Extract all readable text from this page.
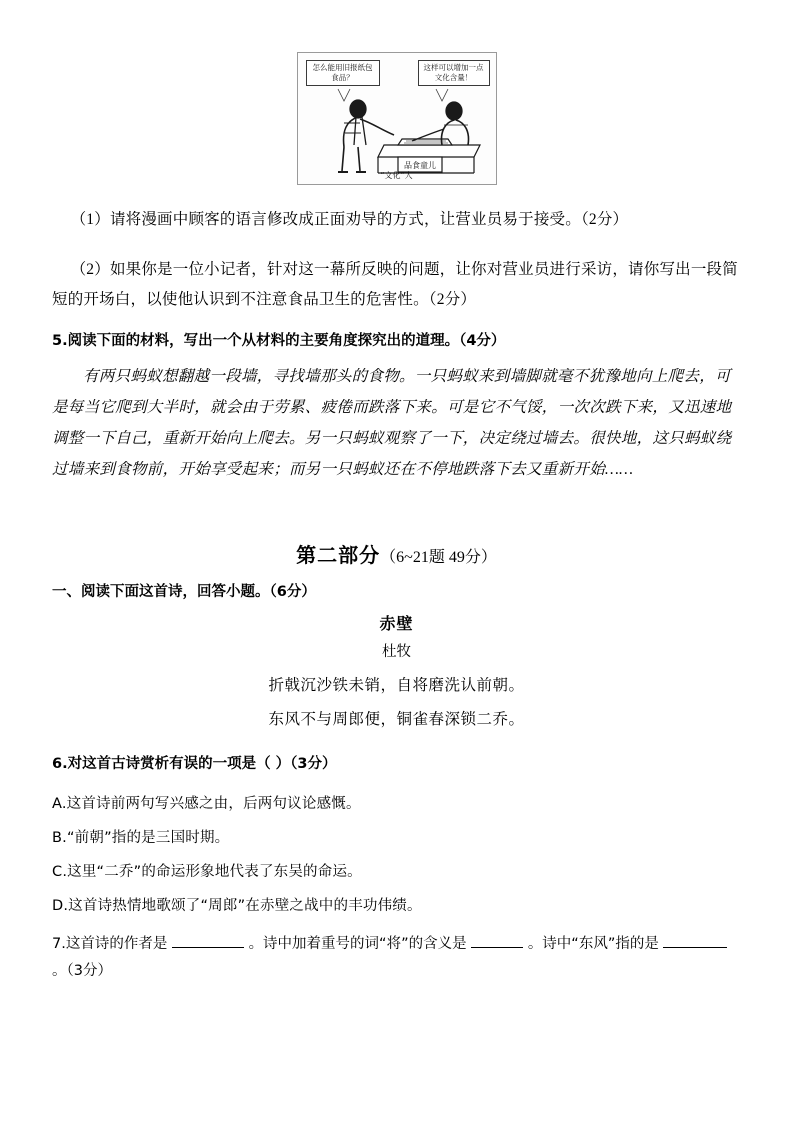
品食童儿
怎么能用旧报纸包食品？
这样可以增加一点文化含量！
“文化”人
（1）请将漫画中顾客的语言修改成正面劝导的方式，让营业员易于接受。（2分）
（2）如果你是一位小记者，针对这一幕所反映的问题，让你对营业员进行采访，请你写出一段简短的开场白，以使他认识到不注意食品卫生的危害性。（2分）
5.阅读下面的材料，写出一个从材料的主要角度探究出的道理。（4分）
有两只蚂蚁想翻越一段墙，寻找墙那头的食物。一只蚂蚁来到墙脚就毫不犹豫地向上爬去，可是每当它爬到大半时，就会由于劳累、疲倦而跌落下来。可是它不气馁，一次次跌下来，又迅速地调整一下自己，重新开始向上爬去。另一只蚂蚁观察了一下，决定绕过墙去。很快地，这只蚂蚁绕过墙来到食物前，开始享受起来；而另一只蚂蚁还在不停地跌落下去又重新开始……
第二部分（6~21题 49分）
一、阅读下面这首诗，回答小题。（6分）
赤壁
杜牧
折戟沉沙铁未销，自将磨洗认前朝。
东风不与周郎便，铜雀春深锁二乔。
6.对这首古诗赏析有误的一项是（ ）（3分）
A.这首诗前两句写兴感之由，后两句议论感慨。
B.“前朝”指的是三国时期。
C.这里“二乔”的命运形象地代表了东吴的命运。
D.这首诗热情地歌颂了“周郎”在赤壁之战中的丰功伟绩。
7.这首诗的作者是	。诗中加着重号的词“将”的含义是	。诗中“东风”指的是  。（3分）
